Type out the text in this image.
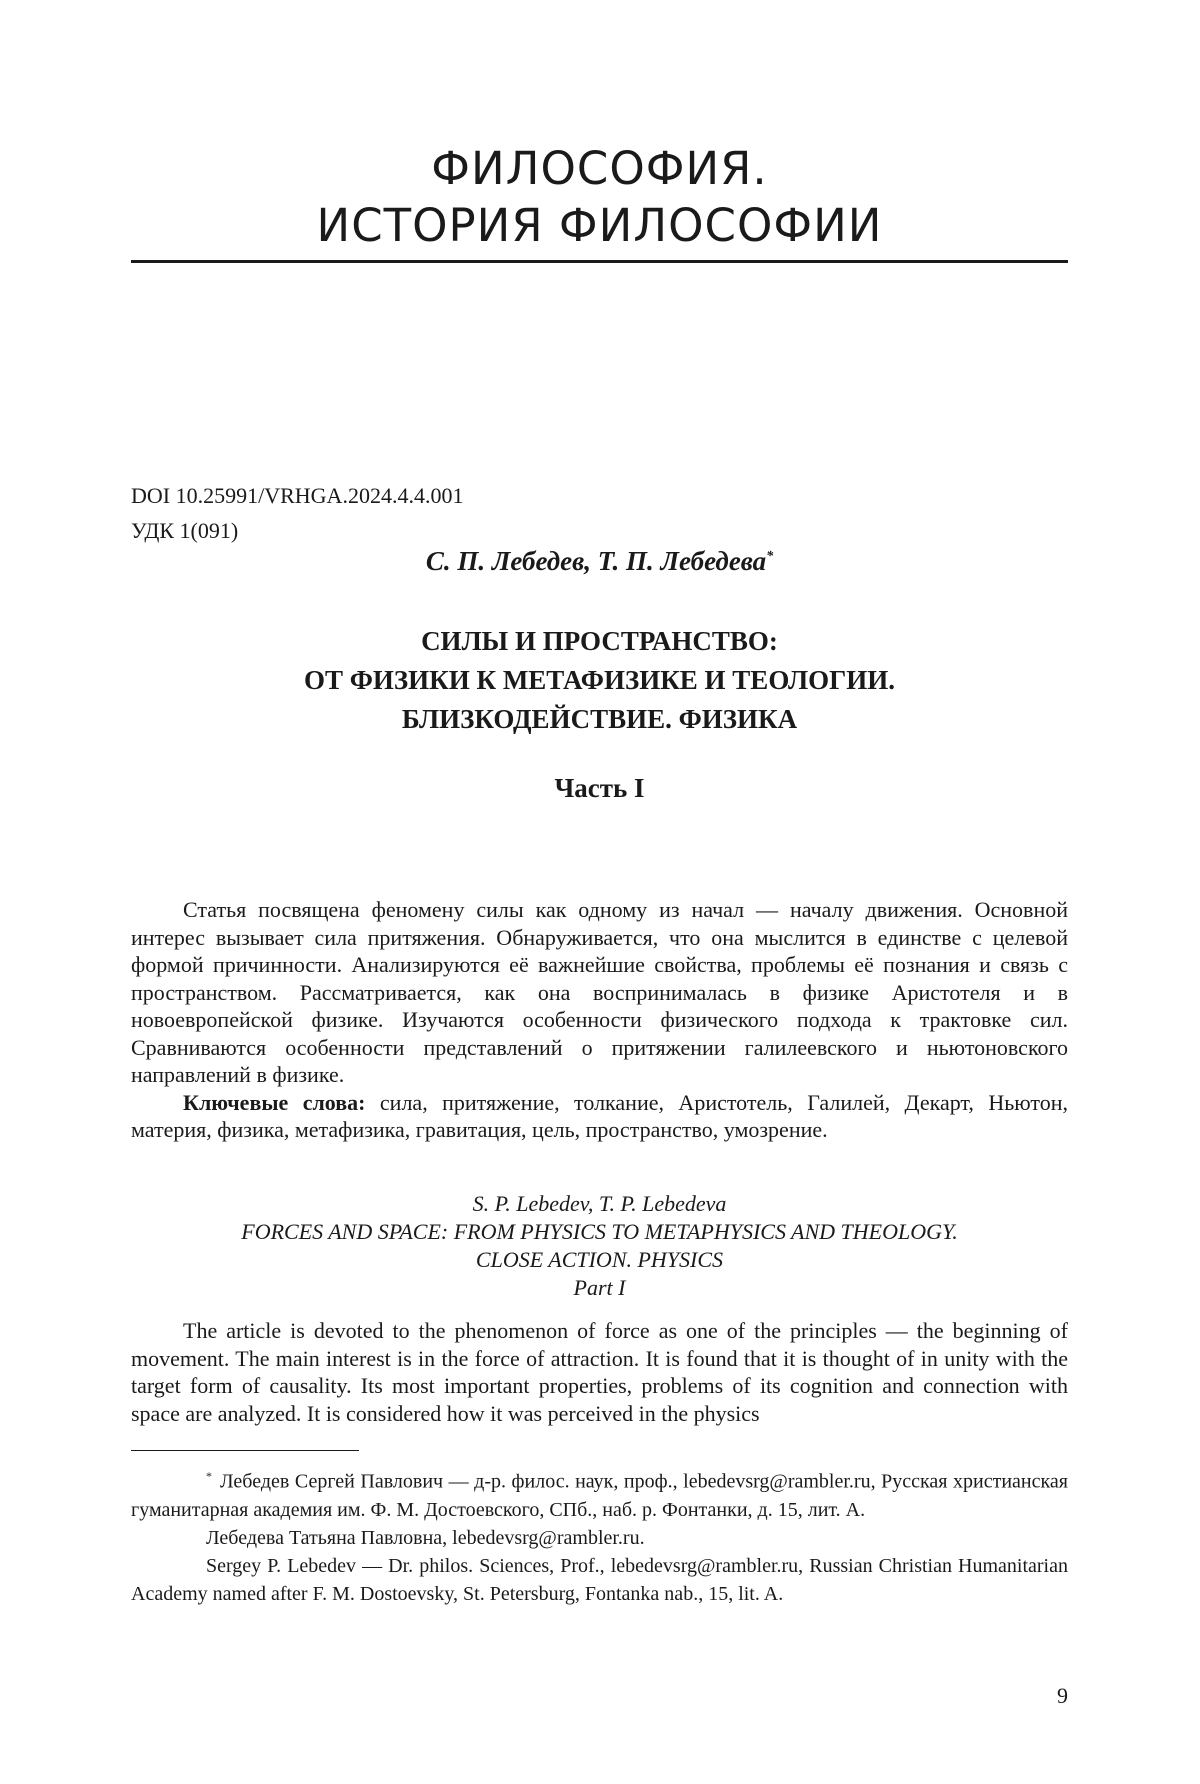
ФИЛОСОФИЯ.
ИСТОРИЯ ФИЛОСОФИИ
DOI 10.25991/VRHGA.2024.4.4.001
УДК 1(091)
С. П. Лебедев, Т. П. Лебедева*
СИЛЫ И ПРОСТРАНСТВО:
ОТ ФИЗИКИ К МЕТАФИЗИКЕ И ТЕОЛОГИИ.
БЛИЗКОДЕЙСТВИЕ. ФИЗИКА
Часть I

Статья посвящена феномену силы как одному из начал — началу движения. Основной интерес вызывает сила притяжения. Обнаруживается, что она мыслится в единстве с целевой формой причинности. Анализируются её важнейшие свойства, проблемы её познания и связь с пространством. Рассматривается, как она воспринималась в физике Аристотеля и в новоевропейской физике. Изучаются особенности физического подхода к трактовке сил. Сравниваются особенности представлений о притяжении галилеевского и ньютоновского направлений в физике.

Ключевые слова: сила, притяжение, толкание, Аристотель, Галилей, Декарт, Ньютон, материя, физика, метафизика, гравитация, цель, пространство, умозрение.

S. P. Lebedev, T. P. Lebedeva
FORCES AND SPACE: FROM PHYSICS TO METAPHYSICS AND THEOLOGY.
CLOSE ACTION. PHYSICS
Part I

The article is devoted to the phenomenon of force as one of the principles — the beginning of movement. The main interest is in the force of attraction. It is found that it is thought of in unity with the target form of causality. Its most important properties, problems of its cognition and connection with space are analyzed. It is considered how it was perceived in the physics

* Лебедев Сергей Павлович — д-р. филос. наук, проф., lebedevsrg@rambler.ru, Русская христианская гуманитарная академия им. Ф. М. Достоевского, СПб., наб. р. Фонтанки, д. 15, лит. А.

Лебедева Татьяна Павловна, lebedevsrg@rambler.ru.

Sergey P. Lebedev — Dr. philos. Sciences, Prof., lebedevsrg@rambler.ru, Russian Christian Humanitarian Academy named after F. M. Dostoevsky, St. Petersburg, Fontanka nab., 15, lit. A.

9
